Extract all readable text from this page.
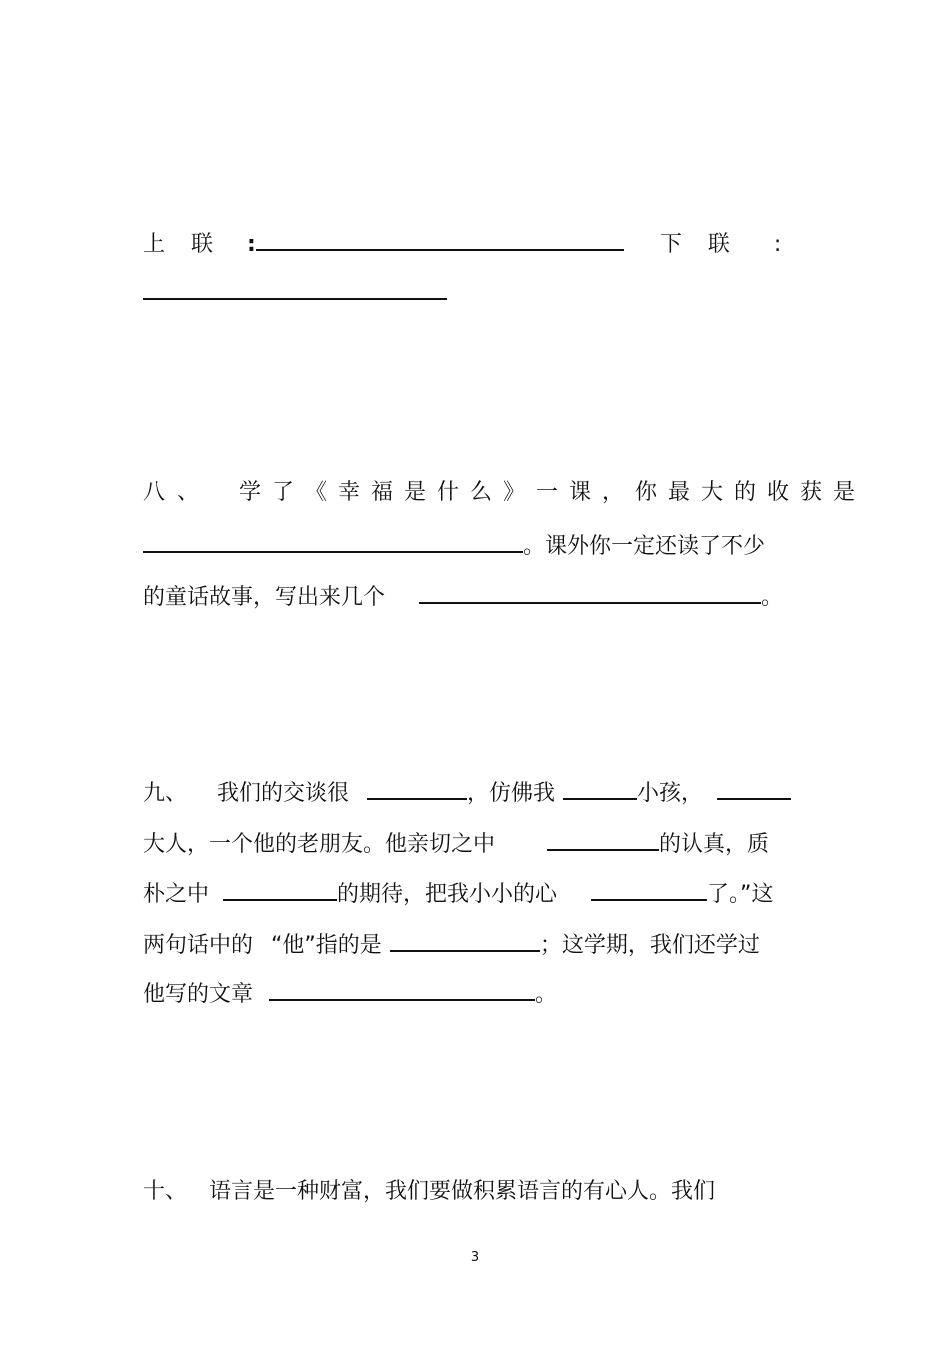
上联 :	下联 :
八、 学了《幸福是什么》一课，你最大的收获是
。课外你一定还读了不少
的童话故事，写出来几个	。
九、 我们的交谈很	，仿佛我	小孩，
大人，一个他的老朋友。他亲切之中	的认真，质
朴之中	的期待，把我小小的心	了。”这
两句话中的 “他”指的是	；这学期，我们还学过
他写的文章	。
十、 语言是一种财富，我们要做积累语言的有心人。我们
3
